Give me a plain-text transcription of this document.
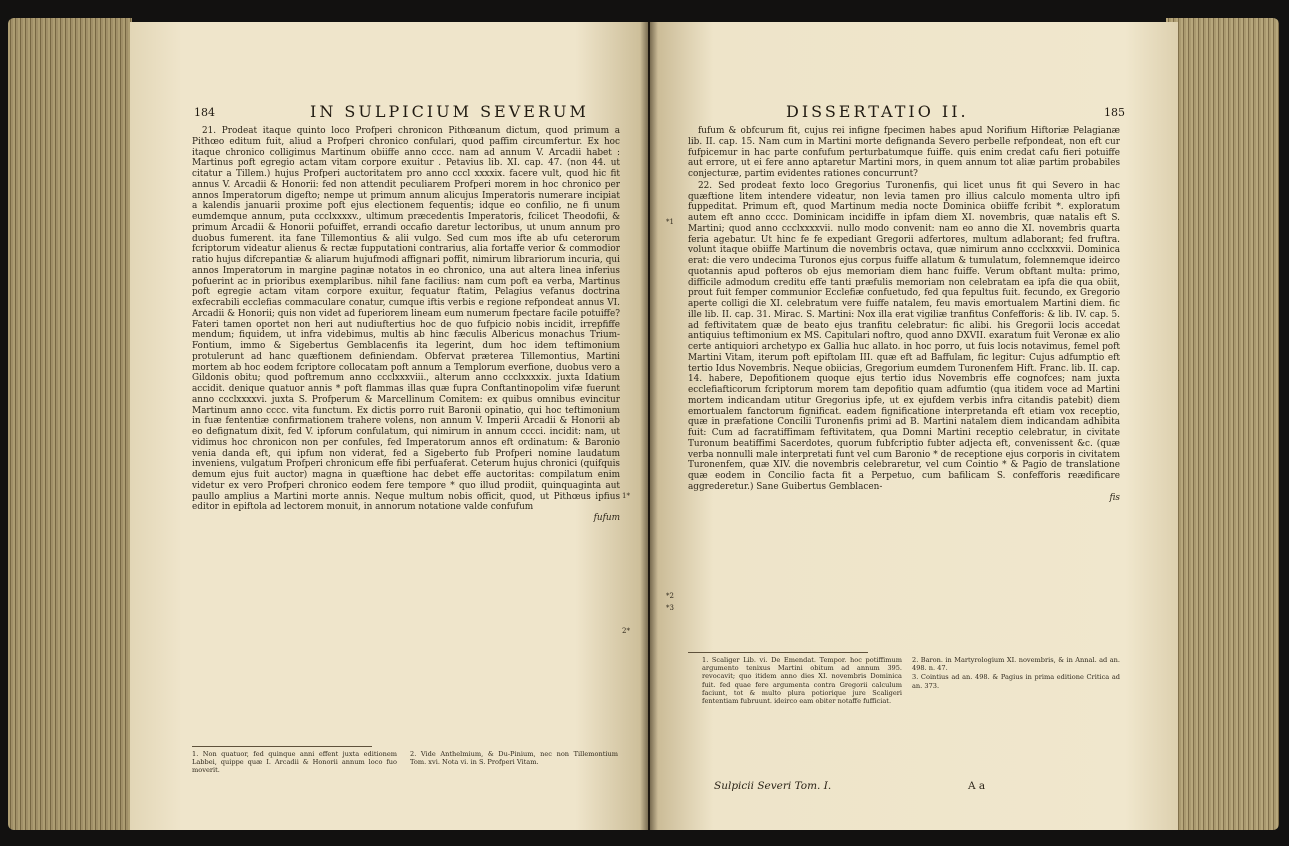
184	IN SULPICIUM SEVERUM

21. Prodeat itaque quinto loco Profperi chronicon Pithœanum dictum, quod primum a Pithœo editum fuit, aliud a Profperi chronico confulari, quod paffim circumfertur. Ex hoc itaque chronico colligimus Martinum obiiffe anno cccc. nam ad annum V. Arcadii habet : Martinus poft egregio actam vitam corpore exuitur . Petavius lib. XI. cap. 47. (non 44. ut citatur a Tillem.) hujus Profperi auctoritatem pro anno cccl xxxxix. facere vult, quod hic fit annus V. Arcadii & Honorii: fed non attendit peculiarem Profperi morem in hoc chronico per annos Imperatorum digefto; nempe ut primum annum alicujus Imperatoris numerare incipiat a kalendis januarii proxime poft ejus electionem fequentis; idque eo confilio, ne fi unum eumdemque annum, puta ccclxxxxv., ultimum præcedentis Imperatoris, fcilicet Theodofii, & primum Arcadii & Honorii pofuiffet, errandi occafio daretur lectoribus, ut unum annum pro duobus fumerent. ita fane Tillemontius & alii vulgo. Sed cum mos ifte ab ufu ceterorum fcriptorum videatur alienus & rectæ fupputationi contrarius, alia fortaffe verior & commodior ratio hujus difcrepantiæ & aliarum hujufmodi affignari poffit, nimirum librariorum incuria, qui annos Imperatorum in margine paginæ notatos in eo chronico, una aut altera linea inferius pofuerint ac in prioribus exemplaribus. nihil fane facilius: nam cum poft ea verba, Martinus poft egregie actam vitam corpore exuitur, fequatur ftatim, Pelagius vefanus doctrina exfecrabili ecclefias commaculare conatur, cumque iftis verbis e regione refpondeat annus VI. Arcadii & Honorii; quis non videt ad fuperiorem lineam eum numerum fpectare facile potuiffe? Fateri tamen oportet non heri aut nudiuftertius hoc de quo fufpicio nobis incidit, irrepfiffe mendum; fiquidem, ut infra videbimus, multis ab hinc fæculis Albericus monachus Trium-Fontium, immo & Sigebertus Gemblacenfis ita legerint, dum hoc idem teftimonium protulerunt ad hanc quæftionem definiendam. Obfervat præterea Tillemontius, Martini mortem ab hoc eodem fcriptore collocatam poft annum a Templorum everfione, duobus vero a Gildonis obitu; quod poftremum anno ccclxxxviii., alterum anno ccclxxxxix. juxta Idatium accidit. denique quatuor annis * poft flammas illas quæ fupra Conftantinopolim vifæ fuerunt anno ccclxxxxvi. juxta S. Profperum & Marcellinum Comitem: ex quibus omnibus evincitur Martinum anno cccc. vita functum. Ex dictis porro ruit Baronii opinatio, qui hoc teftimonium in fuæ fententiæ confirmationem trahere volens, non annum V. Imperii Arcadii & Honorii ab eo defignatum dixit, fed V. ipforum confulatum, qui nimirum in annum cccci. incidit: nam, ut vidimus hoc chronicon non per confules, fed Imperatorum annos eft ordinatum: & Baronio venia danda eft, qui ipfum non viderat, fed a Sigeberto fub Profperi nomine laudatum inveniens, vulgatum Profperi chronicum effe fibi perfuaferat. Ceterum hujus chronici (quifquis demum ejus fuit auctor) magna in quæftione hac debet effe auctoritas: compilatum enim videtur ex vero Profperi chronico eodem fere tempore * quo illud prodiit, quinquaginta aut paullo amplius a Martini morte annis. Neque multum nobis officit, quod, ut Pithœus ipfius editor in epiftola ad lectorem monuit, in annorum notatione valde confufum

fufum
1*
2*

1. Non quatuor, fed quinque anni effent juxta editionem Labbei, quippe quæ I. Arcadii & Honorii annum loco fuo moverit.

2. Vide Anthelmium, & Du-Pinium, nec non Tillemontium Tom. xvi. Nota vi. in S. Profperi Vitam.

DISSERTATIO II.	185

fufum & obfcurum fit, cujus rei infigne fpecimen habes apud Norifium Hiftoriæ Pelagianæ lib. II. cap. 15. Nam cum in Martini morte defignanda Severo perbelle refpondeat, non eft cur fufpicemur in hac parte confufum perturbatumque fuiffe. quis enim credat cafu fieri potuiffe aut errore, ut ei fere anno aptaretur Martini mors, in quem annum tot aliæ partim probabiles conjecturæ, partim evidentes rationes concurrunt?

22. Sed prodeat fexto loco Gregorius Turonenfis, qui licet unus fit qui Severo in hac quæftione litem intendere videatur, non levia tamen pro illius calculo momenta ultro ipfi fuppeditat. Primum eft, quod Martinum media nocte Dominica obiiffe fcribit *. exploratum autem eft anno cccc. Dominicam incidiffe in ipfam diem XI. novembris, quæ natalis eft S. Martini; quod anno ccclxxxxvii. nullo modo convenit: nam eo anno die XI. novembris quarta feria agebatur. Ut hinc fe fe expediant Gregorii adfertores, multum adlaborant; fed fruftra. volunt itaque obiiffe Martinum die novembris octava, quæ nimirum anno ccclxxxvii. Dominica erat: die vero undecima Turonos ejus corpus fuiffe allatum & tumulatum, folemnemque ideirco quotannis apud pofteros ob ejus memoriam diem hanc fuiffe. Verum obftant multa: primo, difficile admodum creditu effe tanti præfulis memoriam non celebratam ea ipfa die qua obiit, prout fuit femper communior Ecclefiæ confuetudo, fed qua fepultus fuit. fecundo, ex Gregorio aperte colligi die XI. celebratum vere fuiffe natalem, feu mavis emortualem Martini diem. fic ille lib. II. cap. 31. Mirac. S. Martini: Nox illa erat vigiliæ tranfitus Confefforis: & lib. IV. cap. 5. ad feftivitatem quæ de beato ejus tranfitu celebratur: fic alibi. his Gregorii locis accedat antiquius teftimonium ex MS. Capitulari noftro, quod anno DXVII. exaratum fuit Veronæ ex alio certe antiquiori archetypo ex Gallia huc allato. in hoc porro, ut fuis locis notavimus, femel poft Martini Vitam, iterum poft epiftolam III. quæ eft ad Baffulam, fic legitur: Cujus adfumptio eft tertio Idus Novembris. Neque obiicias, Gregorium eumdem Turonenfem Hift. Franc. lib. II. cap. 14. habere, Depofitionem quoque ejus tertio idus Novembris effe cognofces; nam juxta ecclefiafticorum fcriptorum morem tam depofitio quam adfumtio (qua itidem voce ad Martini mortem indicandam utitur Gregorius ipfe, ut ex ejufdem verbis infra citandis patebit) diem emortualem fanctorum fignificat. eadem fignificatione interpretanda eft etiam vox receptio, quæ in præfatione Concilii Turonenfis primi ad B. Martini natalem diem indicandam adhibita fuit: Cum ad facratiffimam feftivitatem, qua Domni Martini receptio celebratur, in civitate Turonum beatiffimi Sacerdotes, quorum fubfcriptio fubter adjecta eft, convenissent &c. (quæ verba nonnulli male interpretati funt vel cum Baronio * de receptione ejus corporis in civitatem Turonenfem, quæ XIV. die novembris celebraretur, vel cum Cointio * & Pagio de translatione quæ eodem in Concilio facta fit a Perpetuo, cum bafilicam S. confefforis reædificare aggrederetur.) Sane Guibertus Gemblacen-

fis
*1
*2
*3

1. Scaliger Lib. vi. De Emendat. Tempor. hoc potiffimum argumento tenixus Martini obitum ad annum 395. revocavit; quo itidem anno dies XI. novembris Dominica fuit. fed quae fere argumenta contra Gregorii calculum faciunt, tot & multo plura potiorique jure Scaligeri fententiam fubruunt. ideirco eam obiter notaffe fufficiat.

2. Baron. in Martyrologium XI. novembris, & in Annal. ad an. 498. n. 47.

3. Cointius ad an. 498. & Pagius in prima editione Critica ad an. 373.

Sulpicii Severi Tom. I.	A a
